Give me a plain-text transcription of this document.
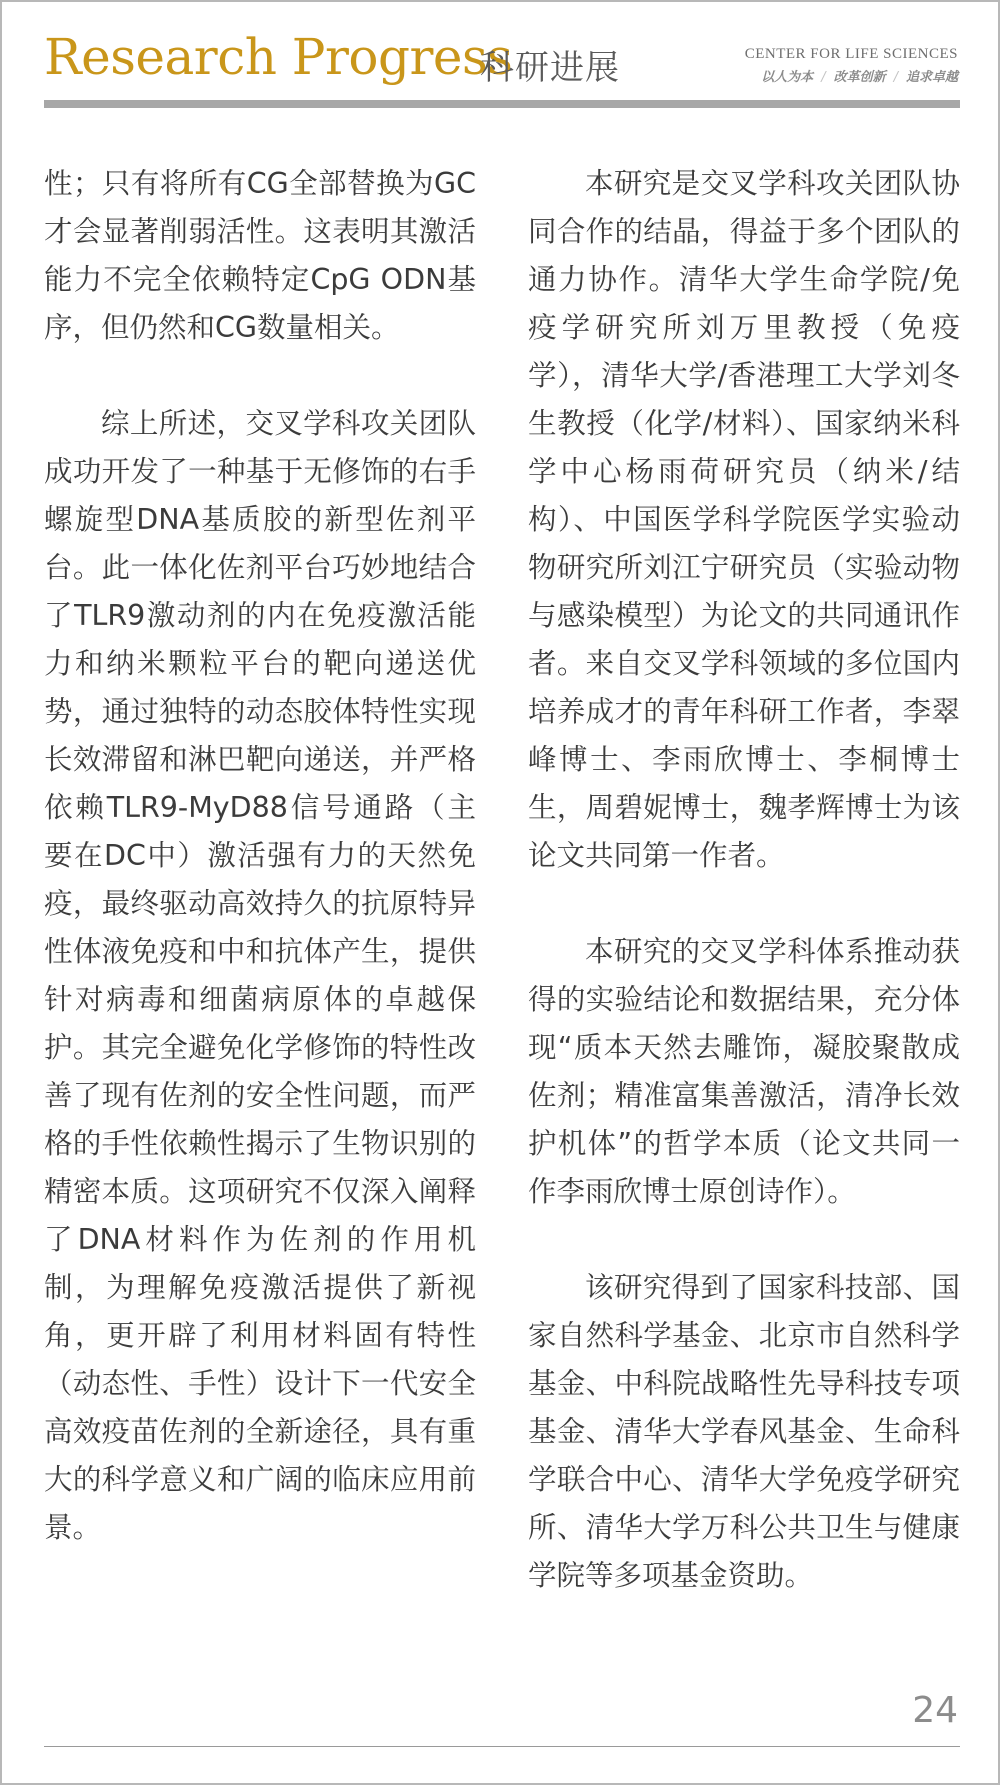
Research Progress
科研进展	CENTER FOR LIFE SCIENCES
以人为本 / 改革创新 / 追求卓越

性；只有将所有CG全部替换为GC才会显著削弱活性。这表明其激活能力不完全依赖特定CpG ODN基序，但仍然和CG数量相关。

综上所述，交叉学科攻关团队成功开发了一种基于无修饰的右手螺旋型DNA基质胶的新型佐剂平台。此一体化佐剂平台巧妙地结合了TLR9激动剂的内在免疫激活能力和纳米颗粒平台的靶向递送优势，通过独特的动态胶体特性实现长效滞留和淋巴靶向递送，并严格依赖TLR9-MyD88信号通路（主要在DC中）激活强有力的天然免疫，最终驱动高效持久的抗原特异性体液免疫和中和抗体产生，提供针对病毒和细菌病原体的卓越保护。其完全避免化学修饰的特性改善了现有佐剂的安全性问题，而严格的手性依赖性揭示了生物识别的精密本质。这项研究不仅深入阐释了DNA材料作为佐剂的作用机制，为理解免疫激活提供了新视角，更开辟了利用材料固有特性（动态性、手性）设计下一代安全高效疫苗佐剂的全新途径，具有重大的科学意义和广阔的临床应用前景。

本研究是交叉学科攻关团队协同合作的结晶，得益于多个团队的通力协作。清华大学生命学院/免疫学研究所刘万里教授（免疫学），清华大学/香港理工大学刘冬生教授（化学/材料）、国家纳米科学中心杨雨荷研究员（纳米/结构）、中国医学科学院医学实验动物研究所刘江宁研究员（实验动物与感染模型）为论文的共同通讯作者。来自交叉学科领域的多位国内培养成才的青年科研工作者，李翠峰博士、李雨欣博士、李桐博士生，周碧妮博士，魏孝辉博士为该论文共同第一作者。

本研究的交叉学科体系推动获得的实验结论和数据结果，充分体现“质本天然去雕饰，凝胶聚散成佐剂；精准富集善激活，清净长效护机体”的哲学本质（论文共同一作李雨欣博士原创诗作）。

该研究得到了国家科技部、国家自然科学基金、北京市自然科学基金、中科院战略性先导科技专项基金、清华大学春风基金、生命科学联合中心、清华大学免疫学研究所、清华大学万科公共卫生与健康学院等多项基金资助。

24
